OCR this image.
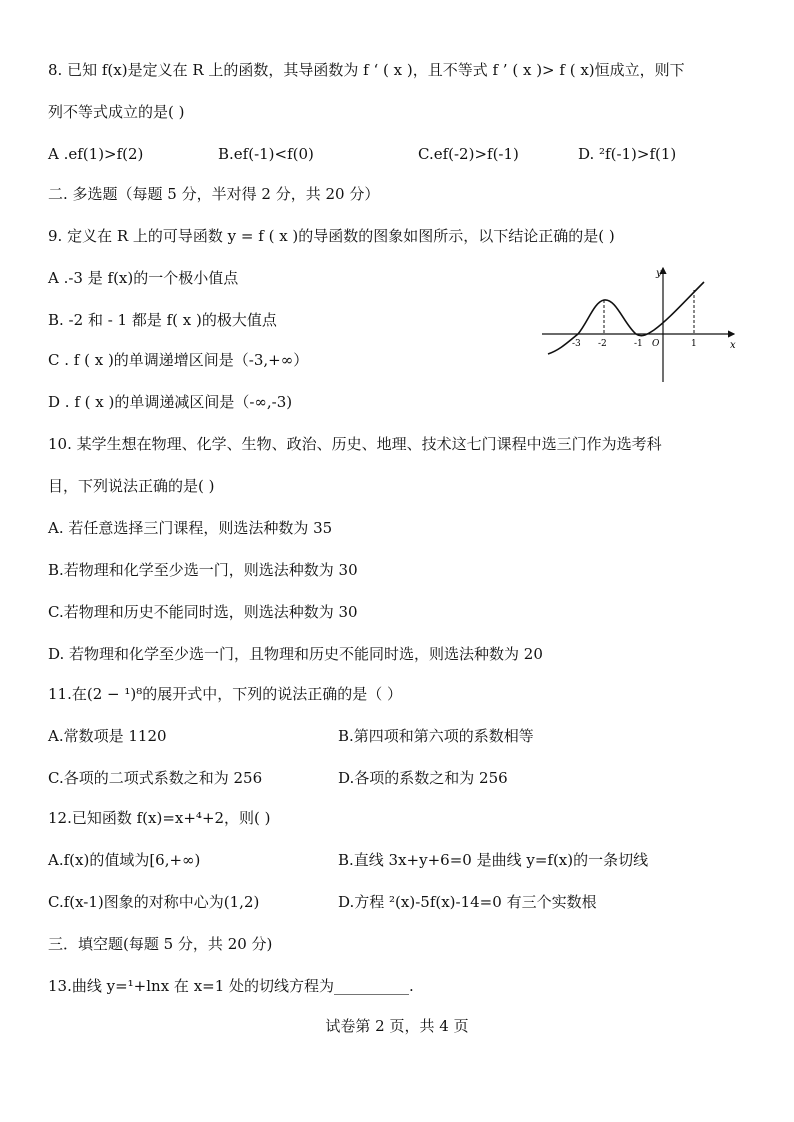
8. 已知 f(x)是定义在 R 上的函数，其导函数为 f ‘ ( x )，且不等式 f ’ ( x )> f ( x)恒成立，则下
列不等式成立的是( )
A .ef(1)>f(2)	B.ef(-1)<f(0)	C.ef(-2)>f(-1)	D. ²f(-1)>f(1)
二. 多选题（每题 5 分，半对得 2 分，共 20 分）
9. 定义在 R 上的可导函数 y = f ( x )的导函数的图象如图所示，以下结论正确的是( )
A .-3 是 f(x)的一个极小值点
B. -2 和 - 1 都是 f( x )的极大值点
C . f ( x )的单调递增区间是（-3,+∞）
D . f ( x )的单调递减区间是（-∞,-3)
y
x
-3 -2	-1 O	1
10. 某学生想在物理、化学、生物、政治、历史、地理、技术这七门课程中选三门作为选考科
目，下列说法正确的是( )
A. 若任意选择三门课程，则选法种数为 35
B.若物理和化学至少选一门，则选法种数为 30
C.若物理和历史不能同时选，则选法种数为 30
D. 若物理和化学至少选一门，且物理和历史不能同时选，则选法种数为 20
11.在(2 − ¹)⁸的展开式中，下列的说法正确的是（ ）
A.常数项是 1120	B.第四项和第六项的系数相等
C.各项的二项式系数之和为 256	D.各项的系数之和为 256
12.已知函数 f(x)=x+⁴+2，则( )
A.f(x)的值域为[6,+∞)	B.直线 3x+y+6=0 是曲线 y=f(x)的一条切线
C.f(x-1)图象的对称中心为(1,2)	D.方程 ²(x)-5f(x)-14=0 有三个实数根
三．填空题(每题 5 分，共 20 分)
13.曲线 y=¹+lnx 在 x=1 处的切线方程为__________.
试卷第 2 页，共 4 页
